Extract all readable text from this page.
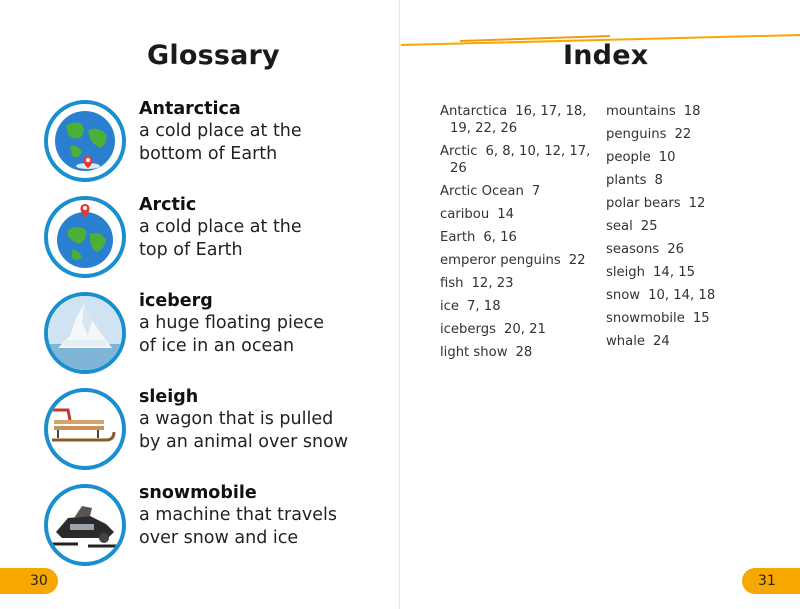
Glossary
Antarctica
a cold place at the
bottom of Earth
Arctic
a cold place at the
top of Earth
iceberg
a huge floating piece
of ice in an ocean
sleigh
a wagon that is pulled
by an animal over snow
snowmobile
a machine that travels
over snow and ice
30
Index
Antarctica 16, 17, 18,
19, 22, 26
Arctic 6, 8, 10, 12, 17,
26
Arctic Ocean 7
caribou 14
Earth 6, 16
emperor penguins 22
fish 12, 23
ice 7, 18
icebergs 20, 21
light show 28
mountains 18
penguins 22
people 10
plants 8
polar bears 12
seal 25
seasons 26
sleigh 14, 15
snow 10, 14, 18
snowmobile 15
whale 24
31
